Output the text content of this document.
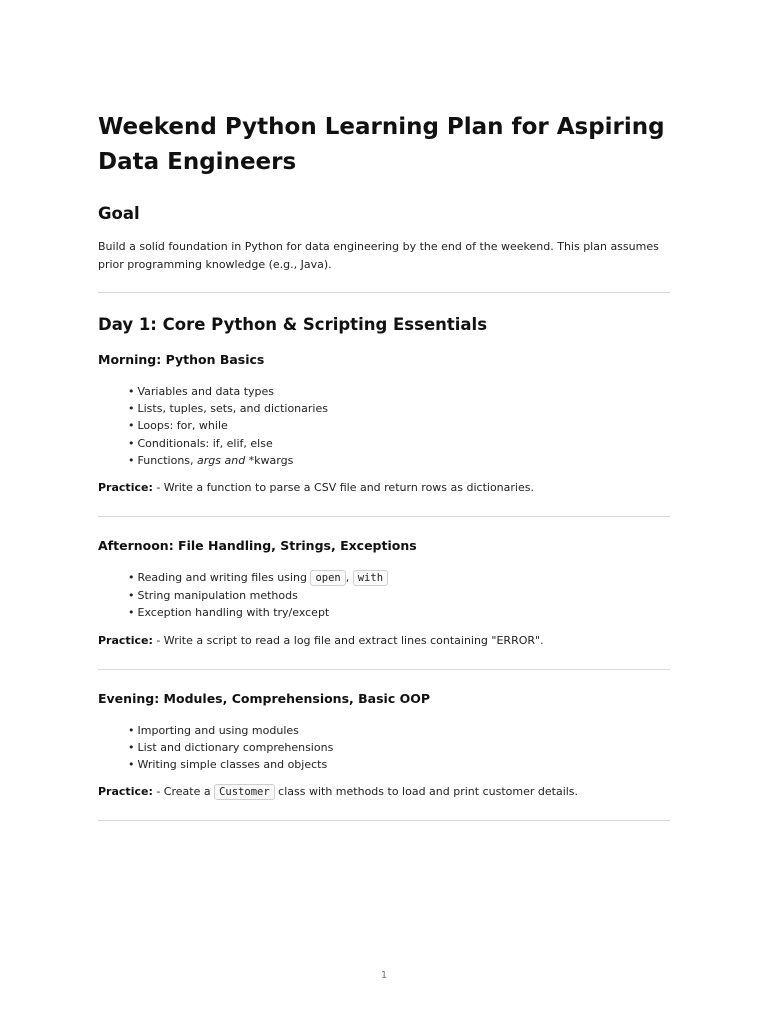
Weekend Python Learning Plan for Aspiring Data Engineers
Goal

Build a solid foundation in Python for data engineering by the end of the weekend. This plan assumes prior programming knowledge (e.g., Java).

Day 1: Core Python & Scripting Essentials
Morning: Python Basics
• Variables and data types
• Lists, tuples, sets, and dictionaries
• Loops: for, while
• Conditionals: if, elif, else
• Functions, args and *kwargs

Practice: - Write a function to parse a CSV file and return rows as dictionaries.

Afternoon: File Handling, Strings, Exceptions
• Reading and writing files using open , with
• String manipulation methods
• Exception handling with try/except

Practice: - Write a script to read a log file and extract lines containing "ERROR".

Evening: Modules, Comprehensions, Basic OOP
• Importing and using modules
• List and dictionary comprehensions
• Writing simple classes and objects

Practice: - Create a Customer class with methods to load and print customer details.

1
